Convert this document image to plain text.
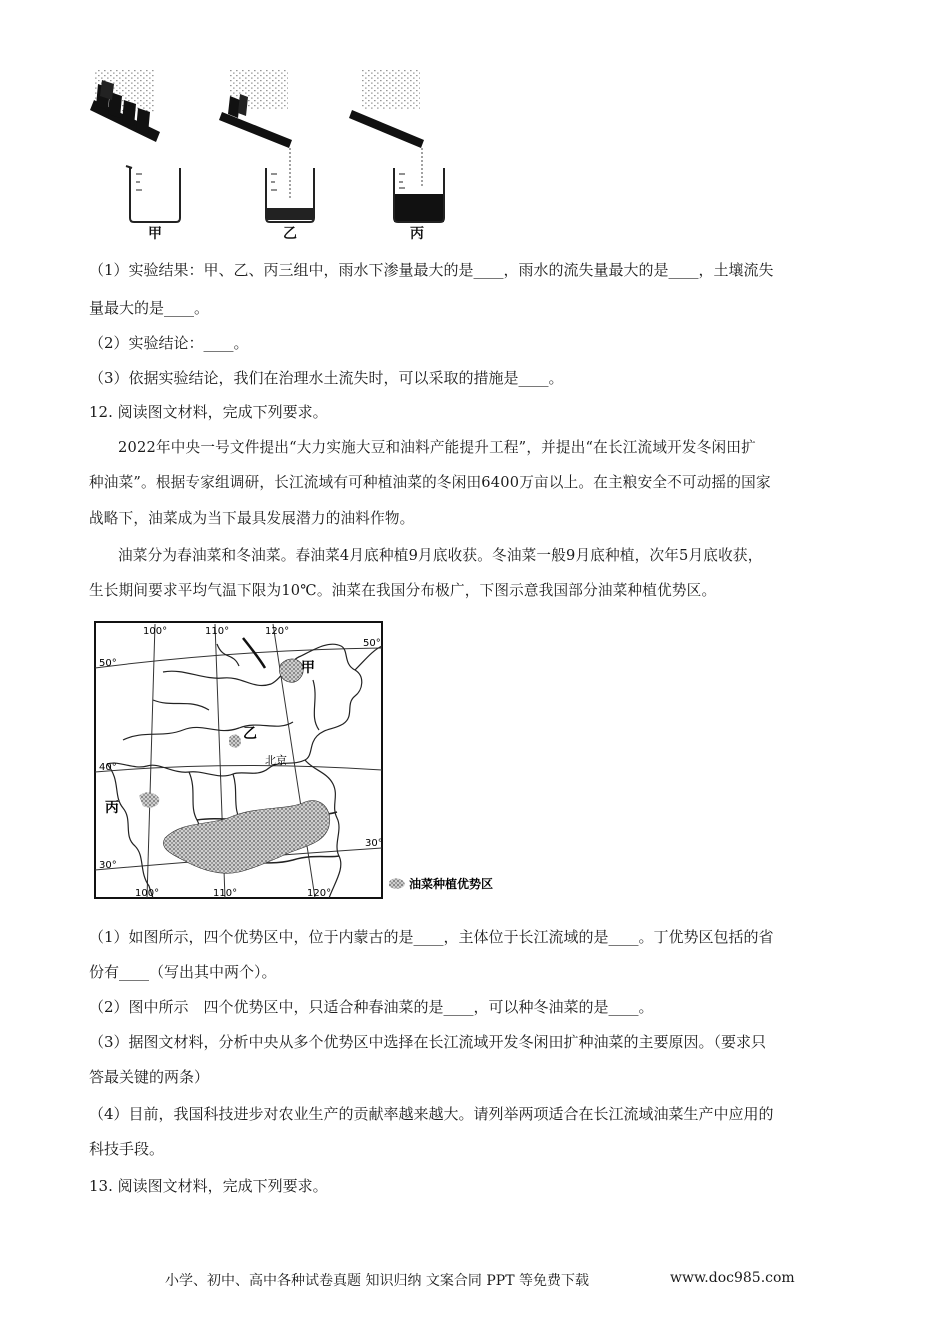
甲	乙	丙
（1）实验结果：甲、乙、丙三组中，雨水下渗量最大的是____，雨水的流失量最大的是____，土壤流失
量最大的是____。
（2）实验结论：____。
（3）依据实验结论，我们在治理水土流失时，可以采取的措施是____。
12. 阅读图文材料，完成下列要求。
2022年中央一号文件提出“大力实施大豆和油料产能提升工程”，并提出“在长江流域开发冬闲田扩
种油菜”。根据专家组调研，长江流域有可种植油菜的冬闲田6400万亩以上。在主粮安全不可动摇的国家
战略下，油菜成为当下最具发展潜力的油料作物。
油菜分为春油菜和冬油菜。春油菜4月底种植9月底收获。冬油菜一般9月底种植，次年5月底收获，
生长期间要求平均气温下限为10℃。油菜在我国分布极广，下图示意我国部分油菜种植优势区。
100°	110°	120°
100°	110°	120°
50°
40°
30°
50°
30°
甲
乙
丙
北京
油菜种植优势区
（1）如图所示，四个优势区中，位于内蒙古的是____，主体位于长江流域的是____。丁优势区包括的省
份有____（写出其中两个）。
（2）图中所示　四个优势区中，只适合种春油菜的是____，可以种冬油菜的是____。
（3）据图文材料，分析中央从多个优势区中选择在长江流域开发冬闲田扩种油菜的主要原因。（要求只
答最关键的两条）
（4）目前，我国科技进步对农业生产的贡献率越来越大。请列举两项适合在长江流域油菜生产中应用的
科技手段。
13. 阅读图文材料，完成下列要求。
小学、初中、高中各种试卷真题 知识归纳 文案合同 PPT 等免费下载	www.doc985.com
